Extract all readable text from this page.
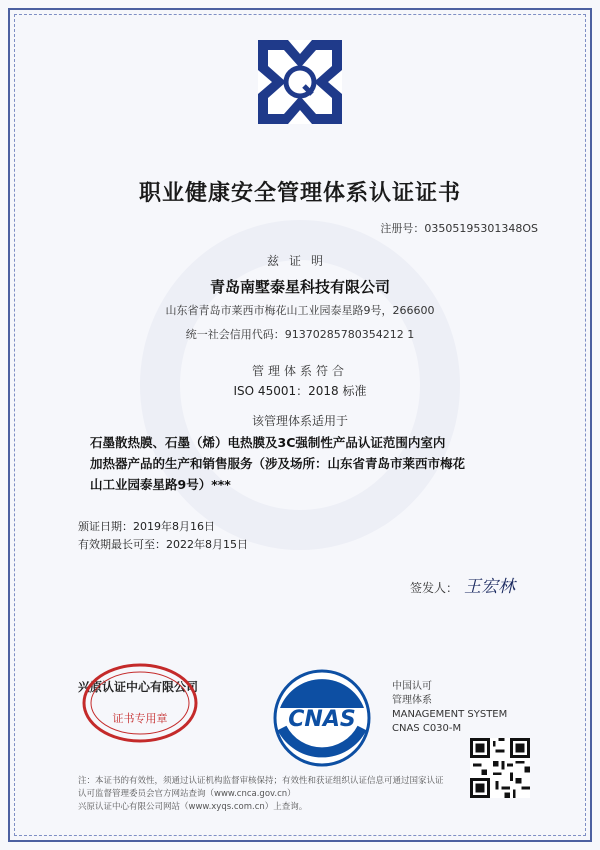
职业健康安全管理体系认证证书
注册号：03505195301348OS
兹证明
青岛南墅泰星科技有限公司
山东省青岛市莱西市梅花山工业园泰星路9号，266600
统一社会信用代码：91370285780354212 1
管理体系符合
ISO 45001：2018 标准
该管理体系适用于
石墨散热膜、石墨（烯）电热膜及3C强制性产品认证范围内室内
加热器产品的生产和销售服务（涉及场所：山东省青岛市莱西市梅花
山工业园泰星路9号）***
颁证日期：2019年8月16日
有效期最长可至：2022年8月15日
签发人： 王宏林
兴原认证中心有限公司
证书专用章	CNAS
中国认可
管理体系
MANAGEMENT SYSTEM
CNAS C030-M
注：本证书的有效性，须通过认证机构监督审核保持；有效性和获证组织认证信息可通过国家认证
认可监督管理委员会官方网站查询（www.cnca.gov.cn）
兴原认证中心有限公司网站（www.xyqs.com.cn）上查询。
